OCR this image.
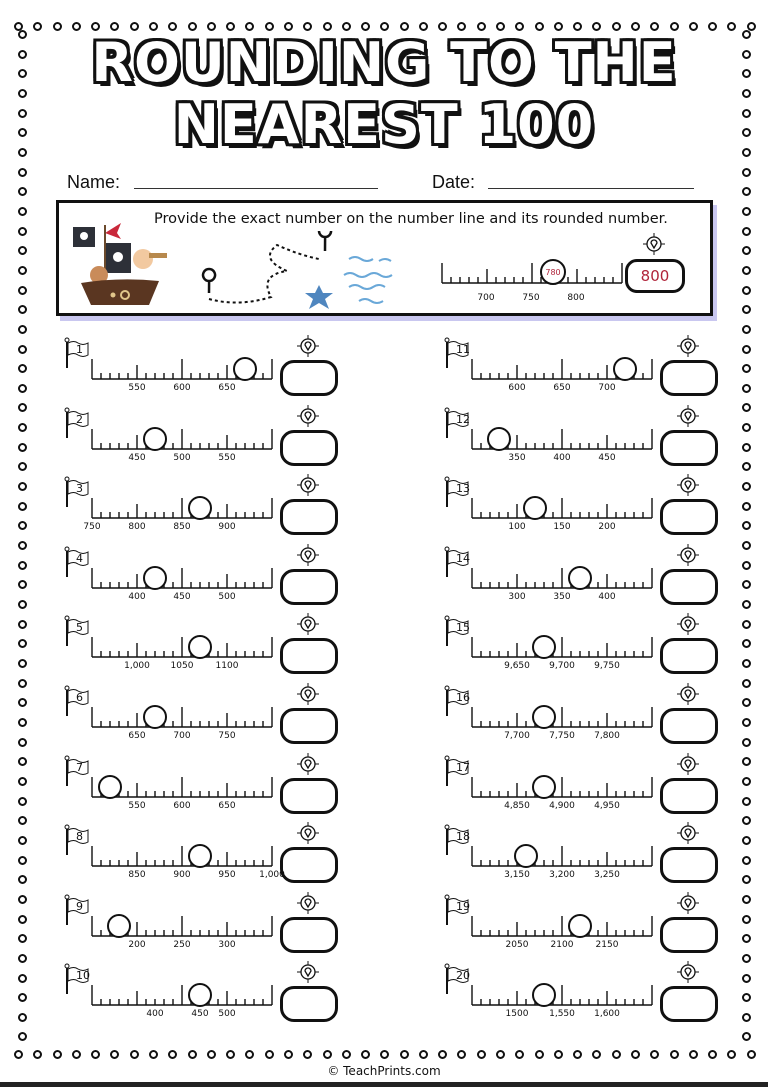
ROUNDING TO THE
NEAREST 100
Name:	Date:
Provide the exact number on the number line and its rounded number.
700	750	800
780	800
1
550	600	650
2
450	500	550
3
750	800	850	900
4
400	450	500
5
1,000 1050 1100
6
650	700	750
7
550	600	650
8
850	900	950	1,000
9
200	250	300
10
400	450 500
11
600	650	700
12
350	400	450
13
100	150	200
14
300	350	400
15
9,650 9,700 9,750
16
7,700 7,750 7,800
17
4,850 4,900 4,950
18
3,150 3,200 3,250
19
2050 2100 2150
20
1500 1,550 1,600
© TeachPrints.com
